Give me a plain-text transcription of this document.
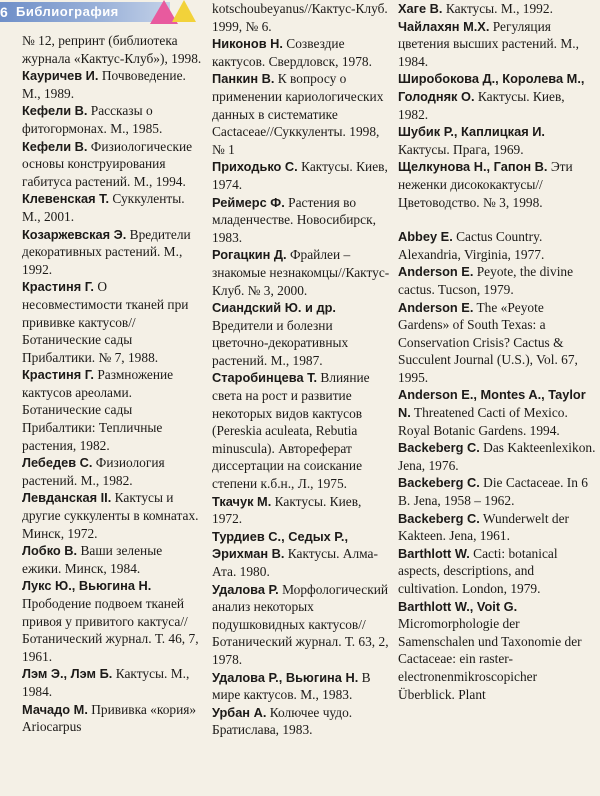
6 Библиография
№ 12, репринт (библиотека журнала «Кактус-Клуб»), 1998.
Кауричев И. Почвоведение. М., 1989.
Кефели В. Рассказы о фитогормонах. М., 1985.
Кефели В. Физиологические основы конструирования габитуса растений. М., 1994.
Клевенская Т. Суккуленты. М., 2001.
Козаржевская Э. Вредители декоративных растений. М., 1992.
Крастиня Г. О несовместимости тканей при прививке кактусов//Ботанические сады Прибалтики. № 7, 1988.
Крастиня Г. Размножение кактусов ареолами. Ботанические сады Прибалтики: Тепличные растения, 1982.
Лебедев С. Физиология растений. М., 1982.
Левданская II. Кактусы и другие суккуленты в комнатах. Минск, 1972.
Лобко В. Ваши зеленые ежики. Минск, 1984.
Лукс Ю., Вьюгина Н. Прободение подвоем тканей привоя у привитого кактуса//Ботанический журнал. Т. 46, 7, 1961.
Лэм Э., Лэм Б. Кактусы. М., 1984.
Мачадо М. Прививка «кория» Ariocarpus
kotschoubeyanus//Кактус-Клуб. 1999, № 6.
Никонов Н. Созвездие кактусов. Свердловск, 1978.
Панкин В. К вопросу о применении кариологических данных в систематике Cactaceae//Суккуленты. 1998, № 1
Приходько С. Кактусы. Киев, 1974.
Реймерс Ф. Растения во младенчестве. Новосибирск, 1983.
Рогацкин Д. Фрайлеи – знакомые незнакомцы//Кактус-Клуб. № 3, 2000.
Сиандский Ю. и др. Вредители и болезни цветочно-декоративных растений. М., 1987.
Старобинцева Т. Влияние света на рост и развитие некоторых видов кактусов (Pereskia aculeata, Rebutia minuscula). Автореферат диссертации на соискание степени к.б.н., Л., 1975.
Ткачук М. Кактусы. Киев, 1972.
Турдиев С., Седых Р., Эрихман В. Кактусы. Алма-Ата. 1980.
Удалова Р. Морфологический анализ некоторых подушковидных кактусов//Ботанический журнал. Т. 63, 2, 1978.
Удалова Р., Вьюгина Н. В мире кактусов. М., 1983.
Урбан А. Колючее чудо. Братислава, 1983.
Хаге В. Кактусы. М., 1992.
Чайлахян М.Х. Регуляция цветения высших растений. М., 1984.
Широбокова Д., Королева М., Голодняк О. Кактусы. Киев, 1982.
Шубик Р., Каплицкая И. Кактусы. Прага, 1969.
Щелкунова Н., Гапон В. Эти неженки дисококактусы//Цветоводство. № 3, 1998.
Abbey E. Cactus Country. Alexandria, Virginia, 1977.
Anderson E. Peyote, the divine cactus. Tucson, 1979.
Anderson E. The «Peyote Gardens» of South Texas: a Conservation Crisis? Cactus & Succulent Journal (U.S.), Vol. 67, 1995.
Anderson E., Montes A., Taylor N. Threatened Cacti of Mexico. Royal Botanic Gardens. 1994.
Backeberg C. Das Kakteenlexikon. Jena, 1976.
Backeberg C. Die Cactaceae. In 6 B. Jena, 1958 – 1962.
Backeberg C. Wunderwelt der Kakteen. Jena, 1961.
Barthlott W. Cacti: botanical aspects, descriptions, and cultivation. London, 1979.
Barthlott W., Voit G. Micromorphologie der Samenschalen und Taxonomie der Cactaceae: ein raster-electronenmikroscopicher Überblick. Plant
